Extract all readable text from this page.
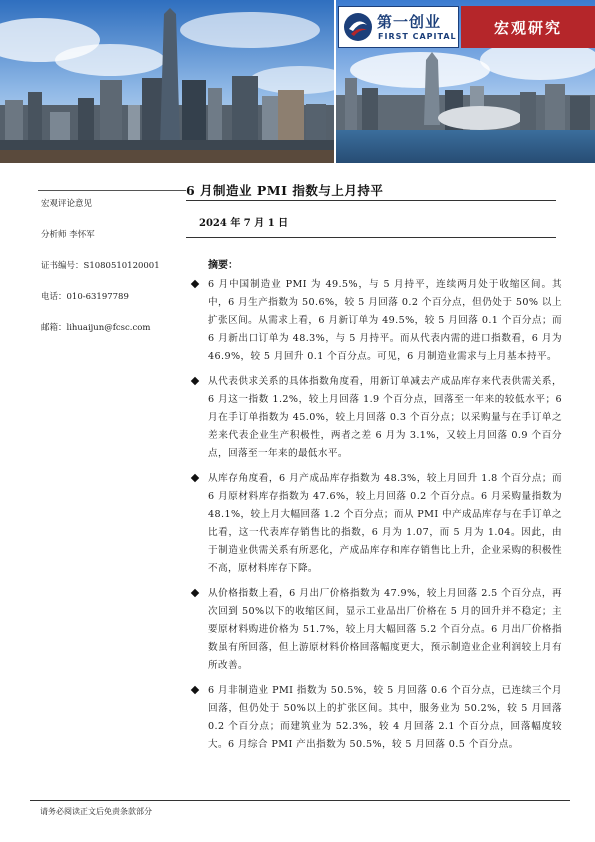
第一创业
FIRST CAPITAL 宏观研究
宏观评论意见
分析师 李怀军
证书编号：S1080510120001
电话：010-63197789
邮箱：lihuaijun@fcsc.com
6 月制造业 PMI 指数与上月持平
2024 年 7 月 1 日
摘要：

6 月中国制造业 PMI 为 49.5%，与 5 月持平，连续两月处于收缩区间。其中，6 月生产指数为 50.6%，较 5 月回落 0.2 个百分点，但仍处于 50% 以上扩张区间。从需求上看，6 月新订单为 49.5%，较 5 月回落 0.1 个百分点；而 6 月新出口订单为 48.3%，与 5 月持平。而从代表内需的进口指数看，6 月为 46.9%，较 5 月回升 0.1 个百分点。可见，6 月制造业需求与上月基本持平。

从代表供求关系的具体指数角度看，用新订单减去产成品库存来代表供需关系，6 月这一指数 1.2%，较上月回落 1.9 个百分点，回落至一年来的较低水平；6 月在手订单指数为 45.0%，较上月回落 0.3 个百分点；以采购量与在手订单之差来代表企业生产积极性，两者之差 6 月为 3.1%，又较上月回落 0.9 个百分点，回落至一年来的最低水平。

从库存角度看，6 月产成品库存指数为 48.3%，较上月回升 1.8 个百分点；而 6 月原材料库存指数为 47.6%，较上月回落 0.2 个百分点。6 月采购量指数为 48.1%，较上月大幅回落 1.2 个百分点；而从 PMI 中产成品库存与在手订单之比看，这一代表库存销售比的指数，6 月为 1.07，而 5 月为 1.04。因此，由于制造业供需关系有所恶化，产成品库存和库存销售比上升，企业采购的积极性不高，原材料库存下降。

从价格指数上看，6 月出厂价格指数为 47.9%，较上月回落 2.5 个百分点，再次回到 50%以下的收缩区间，显示工业品出厂价格在 5 月的回升并不稳定；主要原材料购进价格为 51.7%，较上月大幅回落 5.2 个百分点。6 月出厂价格指数虽有所回落，但上游原材料价格回落幅度更大，预示制造业企业利润较上月有所改善。

6 月非制造业 PMI 指数为 50.5%，较 5 月回落 0.6 个百分点，已连续三个月回落，但仍处于 50%以上的扩张区间。其中，服务业为 50.2%，较 5 月回落 0.2 个百分点；而建筑业为 52.3%，较 4 月回落 2.1 个百分点，回落幅度较大。6 月综合 PMI 产出指数为 50.5%，较 5 月回落 0.5 个百分点。

请务必阅读正文后免责条款部分
